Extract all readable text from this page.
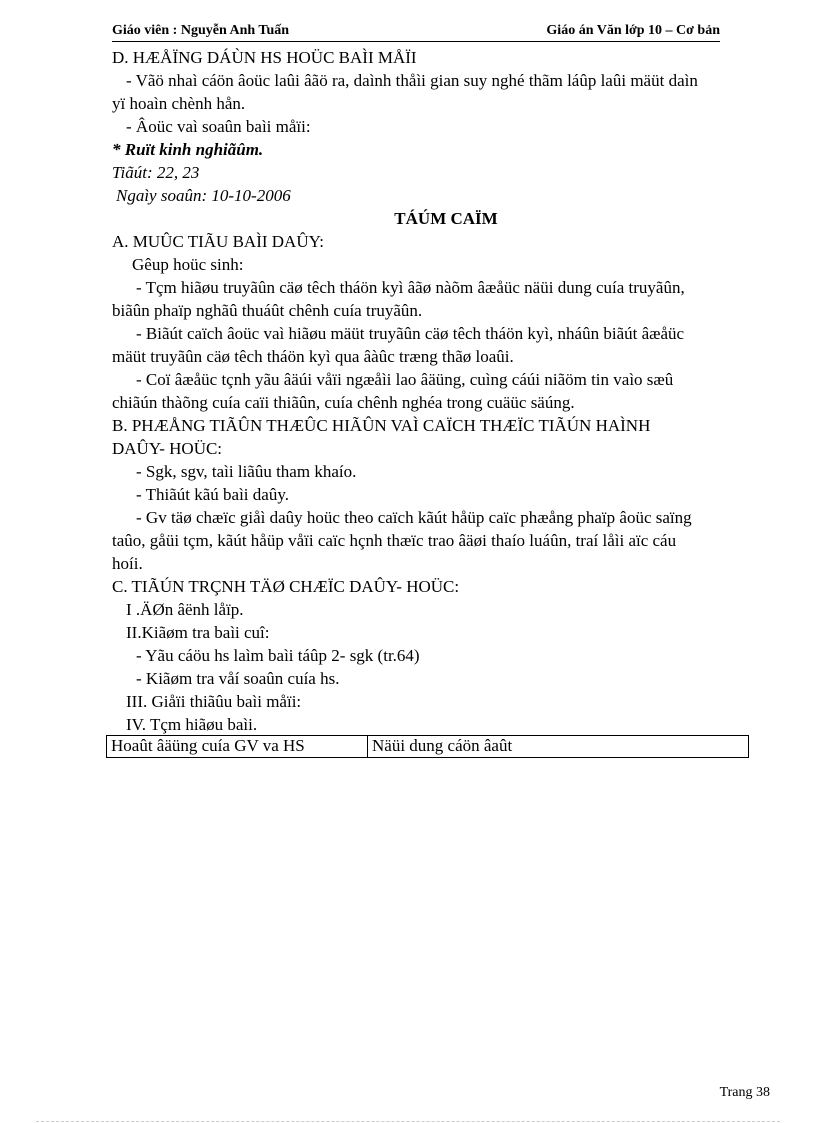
Giáo viên : Nguyễn Anh Tuấn	Giáo án Văn lớp 10 – Cơ bản

D. HÆÅÏNG DÁÙN HS HOÜC BAÌI MÅÏI

- Vãö nhaì cáön âoüc laûi âãö ra, daình thåìi gian suy nghé thãm láûp laûi mäüt daìn

yï hoaìn chènh hån.

- Âoüc vaì soaûn baìi måïi:

* Ruït kinh nghiãûm.

Tiãút: 22, 23

Ngaìy soaûn: 10-10-2006

TÁÚM CAÏM

A. MUÛC TIÃU BAÌI DAÛY:

Gêup hoüc sinh:

- Tçm hiãøu truyãûn cäø têch tháön kyì âãø nàõm âæåüc näüi dung cuía truyãûn,

biãûn phaïp nghãû thuáût chênh cuía truyãûn.

- Biãút caïch âoüc vaì hiãøu mäüt truyãûn cäø têch tháön kyì, nháûn biãút âæåüc

mäüt truyãûn cäø têch tháön kyì qua âàûc træng thãø loaûi.

- Coï âæåüc tçnh yãu âäúi våïi ngæåìi lao âäüng, cuìng cáúi niãöm tin vaìo sæû

chiãún thàõng cuía caïi thiãûn, cuía chênh nghéa trong cuäüc säúng.

B. PHÆÅNG TIÃÛN THÆÛC HIÃÛN VAÌ CAÏCH THÆÏC TIÃÚN HAÌNH

DAÛY- HOÜC:

- Sgk, sgv, taìi liãûu tham khaío.

- Thiãút kãú baìi daûy.

- Gv täø chæïc giåì daûy hoüc theo caïch kãút håüp caïc phæång phaïp âoüc saïng

taûo, gåüi tçm, kãút håüp våïi caïc hçnh thæïc trao âäøi thaío luáûn, traí låìi aïc cáu

hoíi.

C. TIÃÚN TRÇNH TÄØ CHÆÏC DAÛY- HOÜC:

I .ÄØn âënh låïp.

II.Kiãøm tra baìi cuî:

- Yãu cáöu hs laìm baìi táûp 2- sgk (tr.64)

- Kiãøm tra våí soaûn cuía hs.

III. Giåïi thiãûu baìi måïi:

IV. Tçm hiãøu baìi.

Hoaût âäüng cuía GV va HS	Näüi dung cáön âaût
Trang 38
